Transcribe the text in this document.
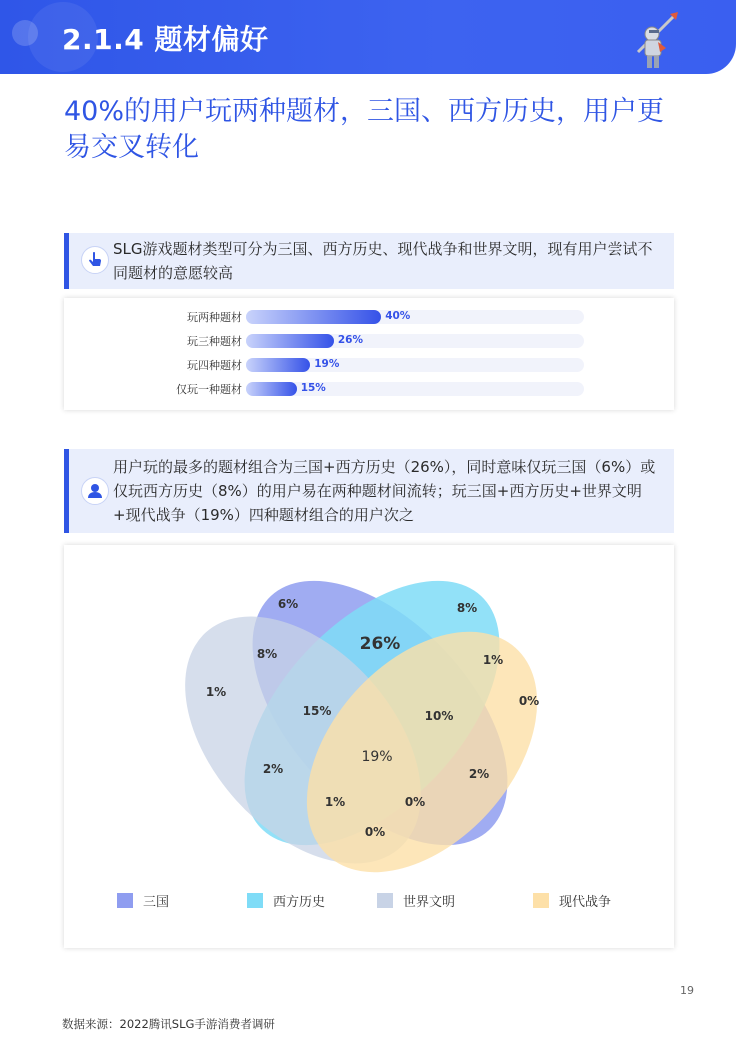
2.1.4 题材偏好
40%的用户玩两种题材，三国、西方历史，用户更易交叉转化
SLG游戏题材类型可分为三国、西方历史、现代战争和世界文明，现有用户尝试不同题材的意愿较高
玩两种题材	40%
玩三种题材	26%
玩四种题材	19%
仅玩一种题材	15%
用户玩的最多的题材组合为三国+西方历史（26%），同时意味仅玩三国（6%）或仅玩西方历史（8%）的用户易在两种题材间流转；玩三国+西方历史+世界文明+现代战争（19%）四种题材组合的用户次之
6%	8%
26%
8%	1%
1%
0%
15%	10%
19%
2%	2%
1%	0%
0%
三国	西方历史	世界文明	现代战争
19
数据来源：2022腾讯SLG手游消费者调研
